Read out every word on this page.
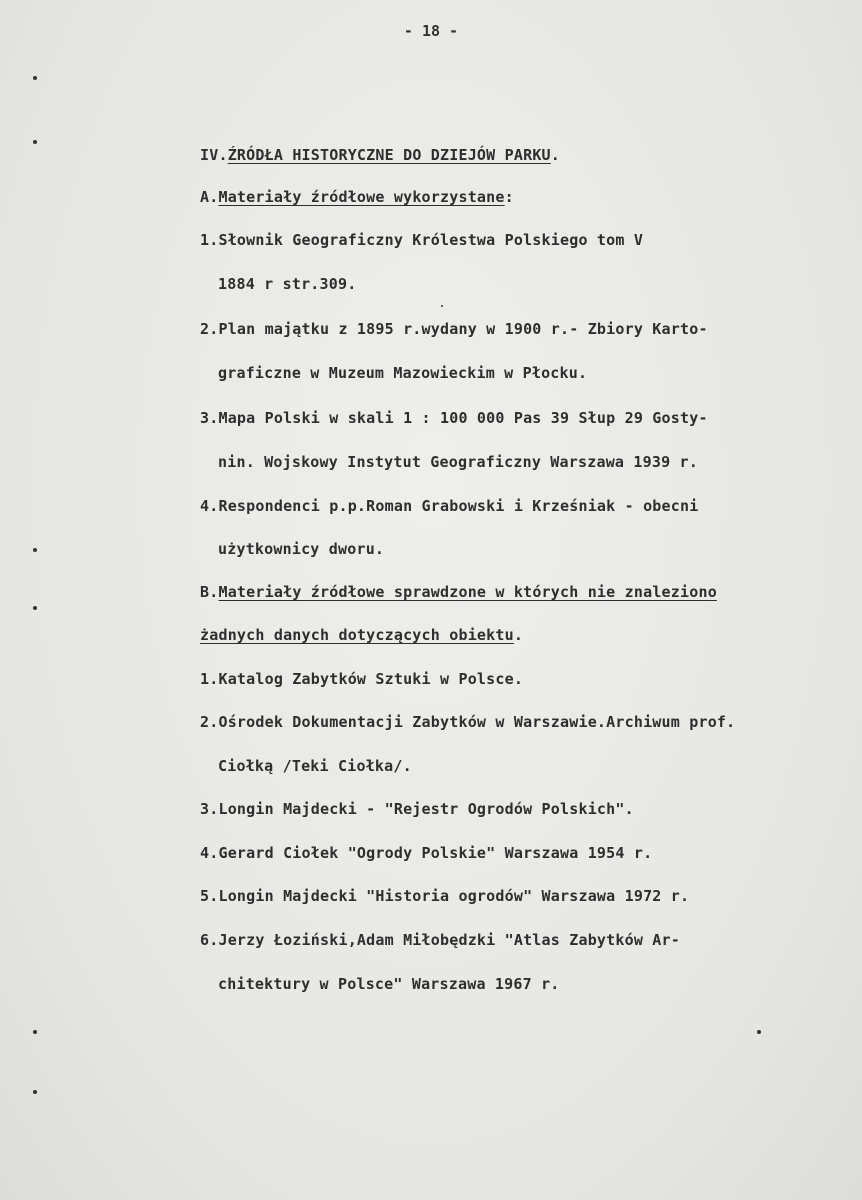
- 18 -
IV.ŹRÓDŁA HISTORYCZNE DO DZIEJÓW PARKU.
A.Materiały źródłowe wykorzystane:
1.Słownik Geograficzny Królestwa Polskiego tom V
1884 r str.309.
2.Plan majątku z 1895 r.wydany w 1900 r.- Zbiory Karto-
graficzne w Muzeum Mazowieckim w Płocku.
3.Mapa Polski w skali 1 : 100 000 Pas 39 Słup 29 Gosty-
nin. Wojskowy Instytut Geograficzny Warszawa 1939 r.
4.Respondenci p.p.Roman Grabowski i Krześniak - obecni
użytkownicy dworu.
B.Materiały źródłowe sprawdzone w których nie znaleziono
żadnych danych dotyczących obiektu.
1.Katalog Zabytków Sztuki w Polsce.
2.Ośrodek Dokumentacji Zabytków w Warszawie.Archiwum prof.
Ciołką /Teki Ciołka/.
3.Longin Majdecki - "Rejestr Ogrodów Polskich".
4.Gerard Ciołek "Ogrody Polskie" Warszawa 1954 r.
5.Longin Majdecki "Historia ogrodów" Warszawa 1972 r.
6.Jerzy Łoziński,Adam Miłobędzki "Atlas Zabytków Ar-
chitektury w Polsce" Warszawa 1967 r.
